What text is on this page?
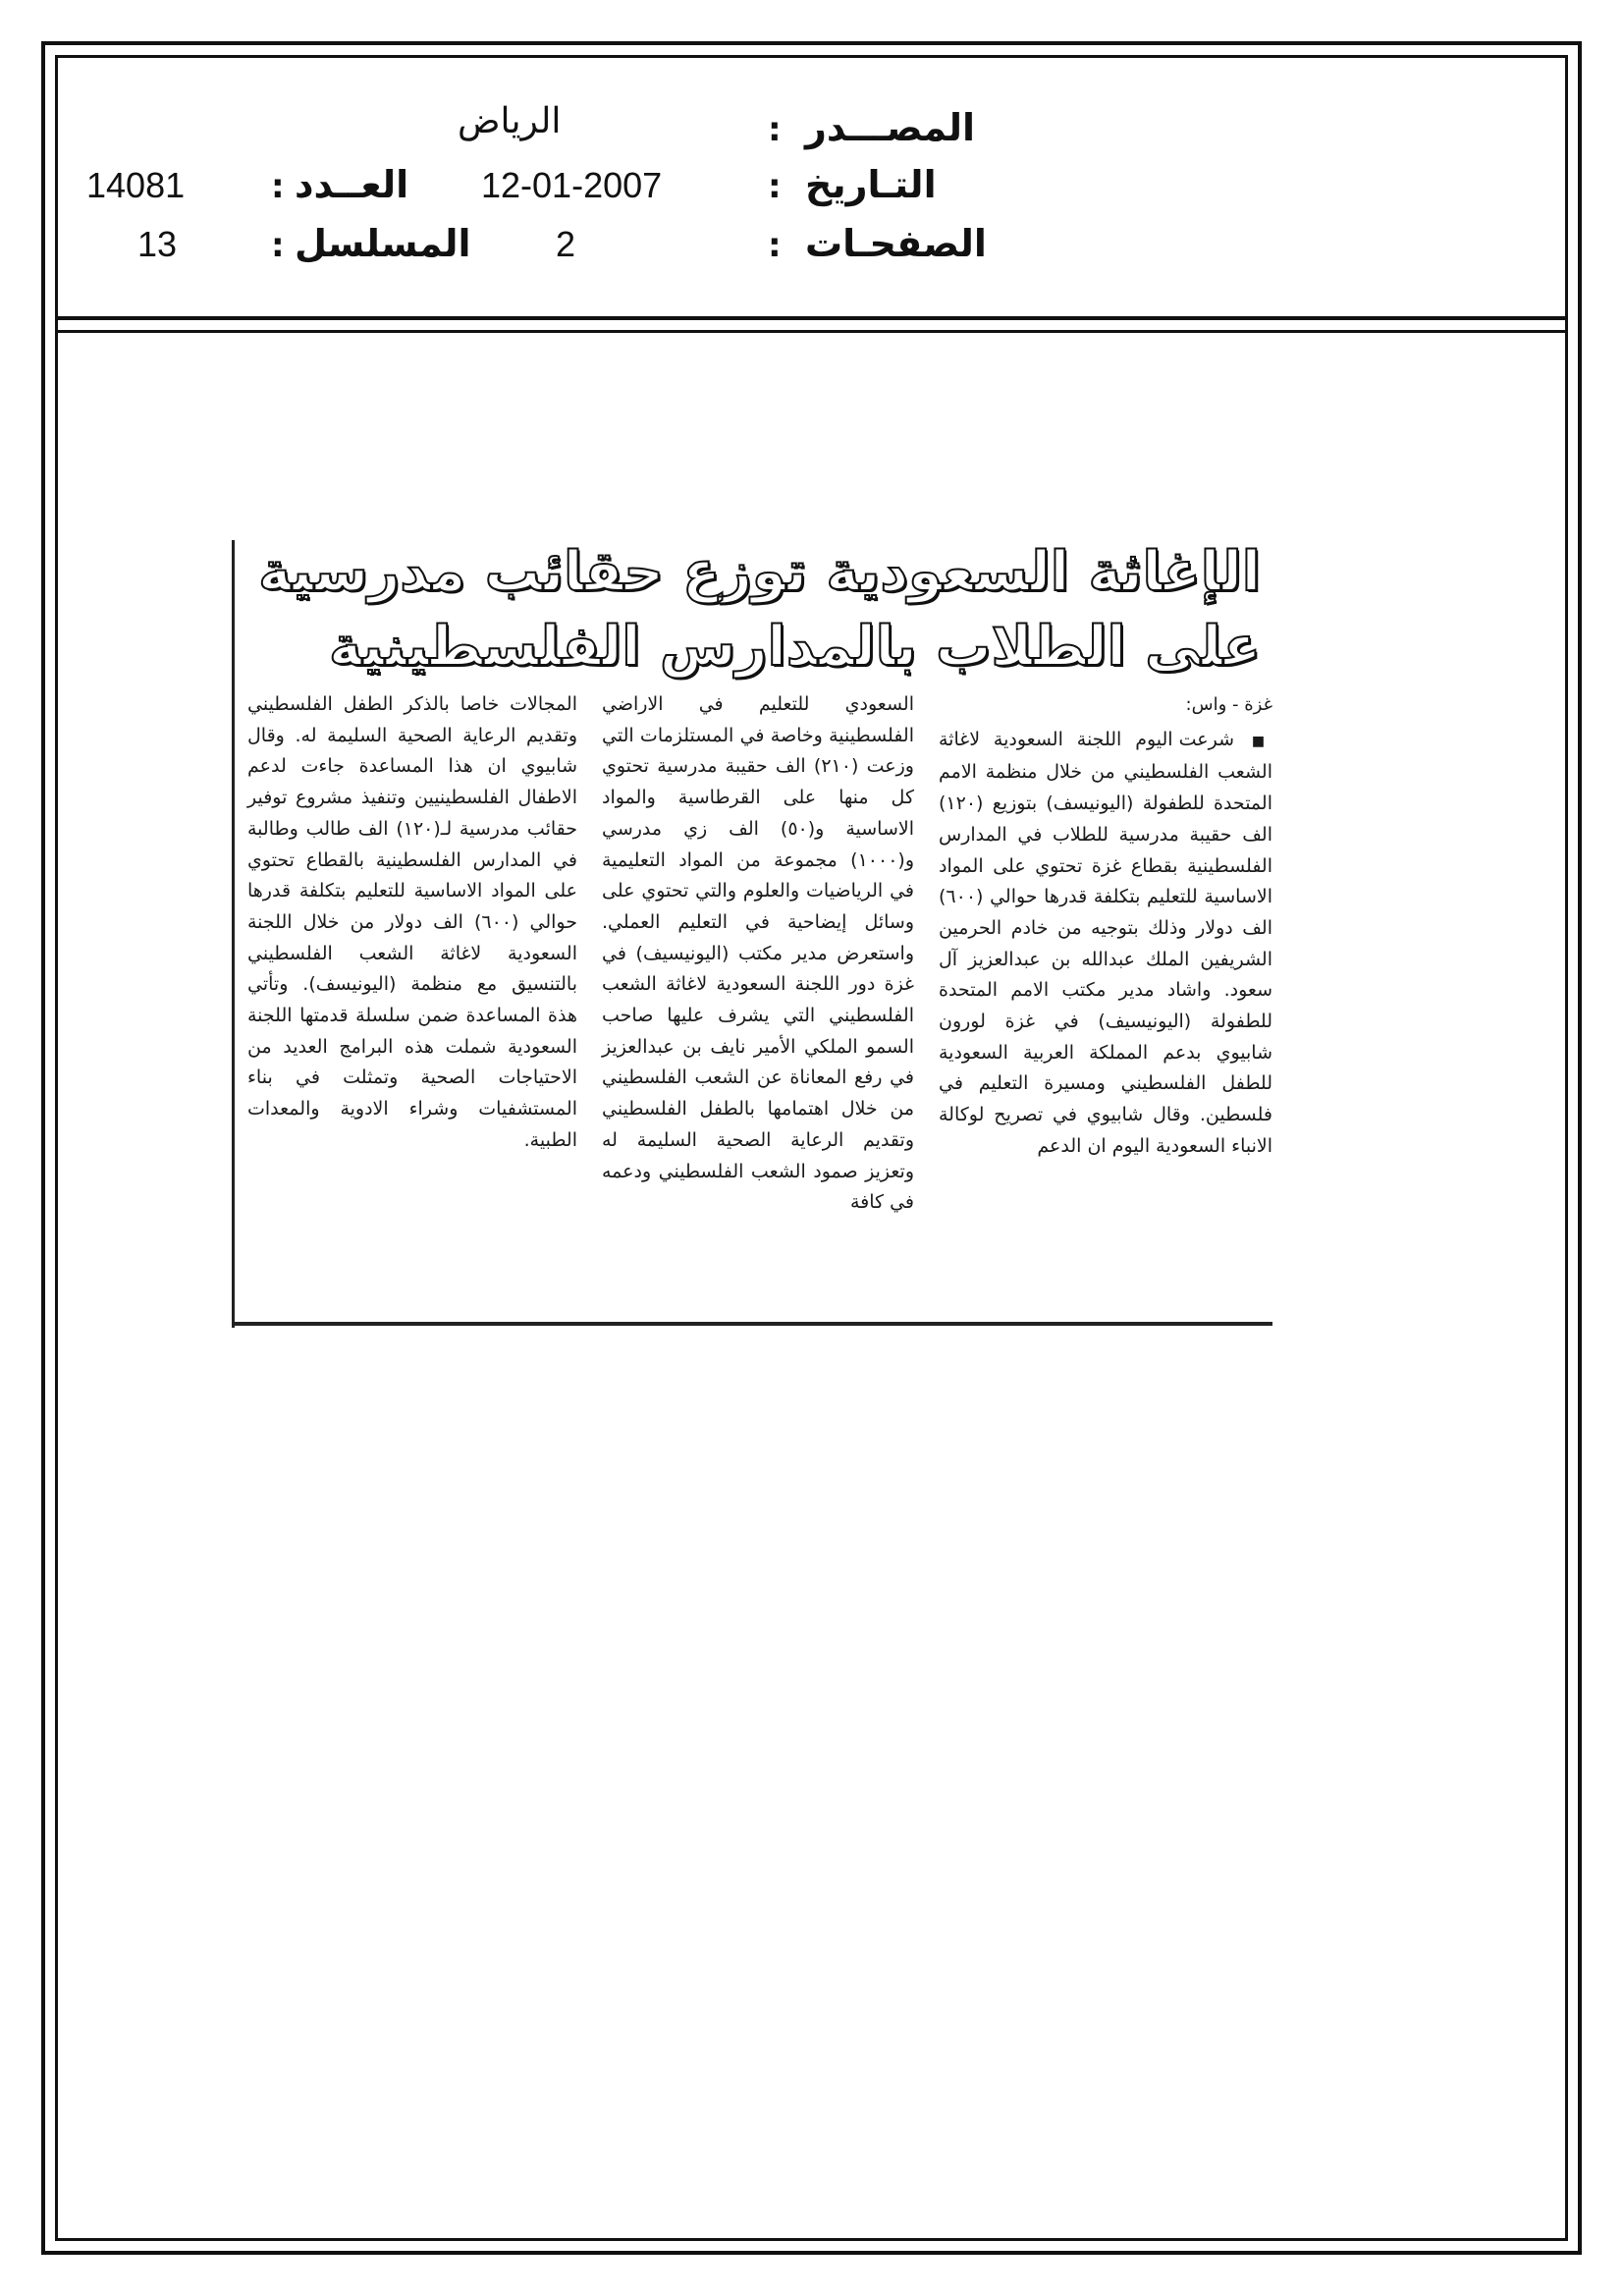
المصـــدر
:
الرياض
التـاريخ
:
12-01-2007
الصفحـات
:
2
العــدد
:
14081
المسلسل
:
13
الإغاثة السعودية توزع حقائب مدرسية
على الطلاب بالمدارس الفلسطينية
غزة - واس:
■ شرعت اليوم اللجنة السعودية لاغاثة الشعب الفلسطيني من خلال منظمة الامم المتحدة للطفولة (اليونيسف) بتوزيع (١٢٠) الف حقيبة مدرسية للطلاب في المدارس الفلسطينية بقطاع غزة تحتوي على المواد الاساسية للتعليم بتكلفة قدرها حوالي (٦٠٠) الف دولار وذلك بتوجيه من خادم الحرمين الشريفين الملك عبدالله بن عبدالعزيز آل سعود. واشاد مدير مكتب الامم المتحدة للطفولة (اليونيسيف) في غزة لورون شابيوي بدعم المملكة العربية السعودية للطفل الفلسطيني ومسيرة التعليم في فلسطين. وقال شابيوي في تصريح لوكالة الانباء السعودية اليوم ان الدعم
السعودي للتعليم في الاراضي الفلسطينية وخاصة في المستلزمات التي وزعت (٢١٠) الف حقيبة مدرسية تحتوي كل منها على القرطاسية والمواد الاساسية و(٥٠) الف زي مدرسي و(١٠٠٠) مجموعة من المواد التعليمية في الرياضيات والعلوم والتي تحتوي على وسائل إيضاحية في التعليم العملي. واستعرض مدير مكتب (اليونيسيف) في غزة دور اللجنة السعودية لاغاثة الشعب الفلسطيني التي يشرف عليها صاحب السمو الملكي الأمير نايف بن عبدالعزيز في رفع المعاناة عن الشعب الفلسطيني من خلال اهتمامها بالطفل الفلسطيني وتقديم الرعاية الصحية السليمة له وتعزيز صمود الشعب الفلسطيني ودعمه في كافة
المجالات خاصا بالذكر الطفل الفلسطيني وتقديم الرعاية الصحية السليمة له. وقال شابيوي ان هذا المساعدة جاءت لدعم الاطفال الفلسطينيين وتنفيذ مشروع توفير حقائب مدرسية لـ(١٢٠) الف طالب وطالبة في المدارس الفلسطينية بالقطاع تحتوي على المواد الاساسية للتعليم بتكلفة قدرها حوالي (٦٠٠) الف دولار من خلال اللجنة السعودية لاغاثة الشعب الفلسطيني بالتنسيق مع منظمة (اليونيسف). وتأتي هذة المساعدة ضمن سلسلة قدمتها اللجنة السعودية شملت هذه البرامج العديد من الاحتياجات الصحية وتمثلت في بناء المستشفيات وشراء الادوية والمعدات الطبية.
